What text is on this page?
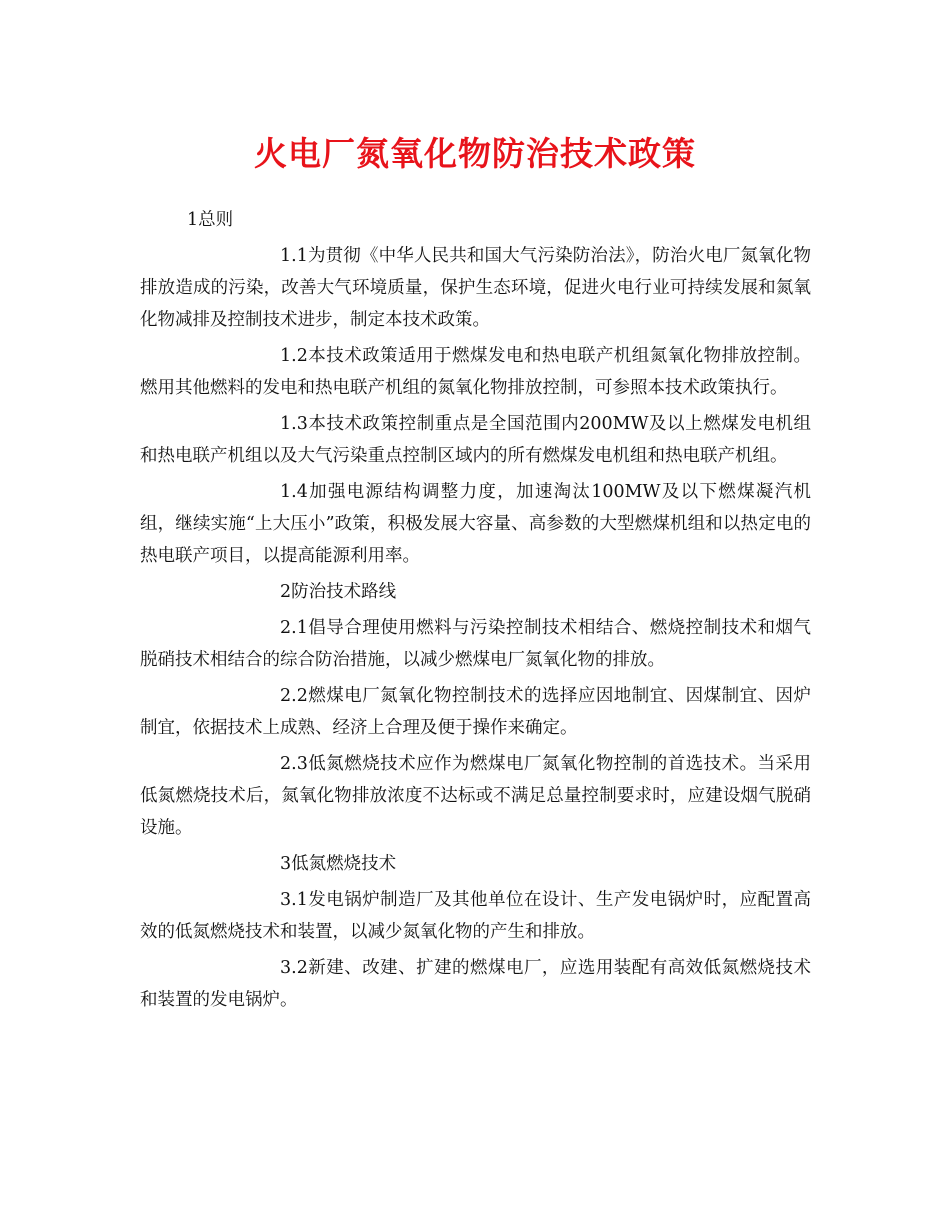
火电厂氮氧化物防治技术政策

1总则

1.1为贯彻《中华人民共和国大气污染防治法》，防治火电厂氮氧化物排放造成的污染，改善大气环境质量，保护生态环境，促进火电行业可持续发展和氮氧化物减排及控制技术进步，制定本技术政策。

1.2本技术政策适用于燃煤发电和热电联产机组氮氧化物排放控制。燃用其他燃料的发电和热电联产机组的氮氧化物排放控制，可参照本技术政策执行。

1.3本技术政策控制重点是全国范围内200MW及以上燃煤发电机组和热电联产机组以及大气污染重点控制区域内的所有燃煤发电机组和热电联产机组。

1.4加强电源结构调整力度，加速淘汰100MW及以下燃煤凝汽机组，继续实施“上大压小”政策，积极发展大容量、高参数的大型燃煤机组和以热定电的热电联产项目，以提高能源利用率。

2防治技术路线

2.1倡导合理使用燃料与污染控制技术相结合、燃烧控制技术和烟气脱硝技术相结合的综合防治措施，以减少燃煤电厂氮氧化物的排放。

2.2燃煤电厂氮氧化物控制技术的选择应因地制宜、因煤制宜、因炉制宜，依据技术上成熟、经济上合理及便于操作来确定。

2.3低氮燃烧技术应作为燃煤电厂氮氧化物控制的首选技术。当采用低氮燃烧技术后，氮氧化物排放浓度不达标或不满足总量控制要求时，应建设烟气脱硝设施。

3低氮燃烧技术

3.1发电锅炉制造厂及其他单位在设计、生产发电锅炉时，应配置高效的低氮燃烧技术和装置，以减少氮氧化物的产生和排放。

3.2新建、改建、扩建的燃煤电厂，应选用装配有高效低氮燃烧技术和装置的发电锅炉。
